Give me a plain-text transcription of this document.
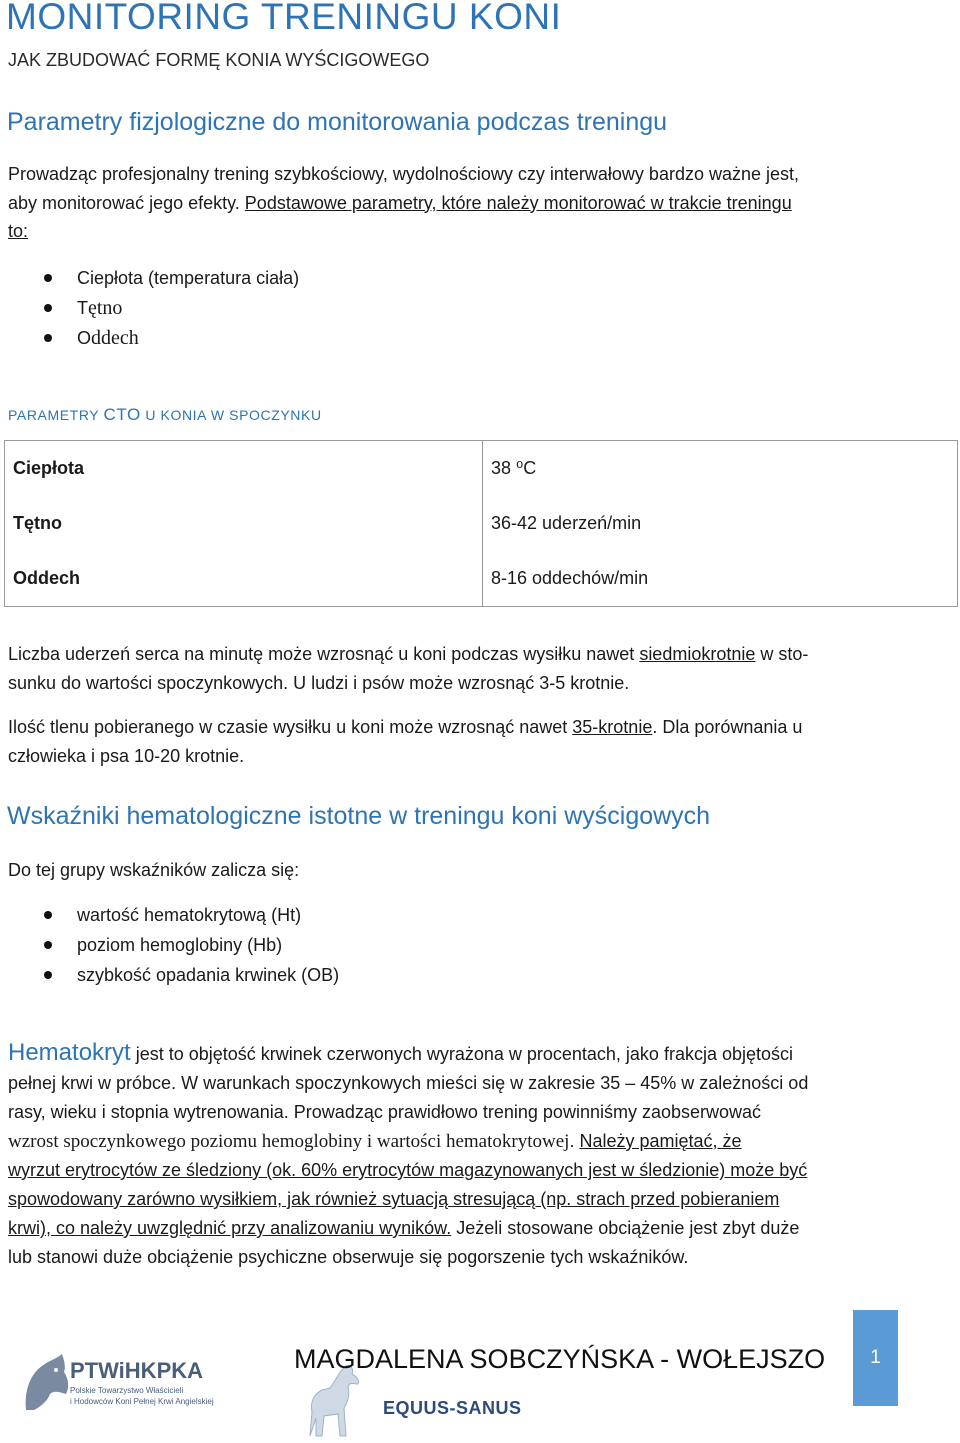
MONITORING TRENINGU KONI
JAK ZBUDOWAĆ FORMĘ KONIA WYŚCIGOWEGO
Parametry fizjologiczne do monitorowania podczas treningu
Prowadząc profesjonalny trening szybkościowy, wydolnościowy czy interwałowy bardzo ważne jest,
aby monitorować jego efekty. Podstawowe parametry, które należy monitorować w trakcie treningu
to:
Ciepłota (temperatura ciała)
Tętno
Oddech
PARAMETRY CTO U KONIA W SPOCZYNKU
Ciepłota	38 ⁰C
Tętno	36-42 uderzeń/min
Oddech	8-16 oddechów/min
Liczba uderzeń serca na minutę może wzrosnąć u koni podczas wysiłku nawet siedmiokrotnie w sto-
sunku do wartości spoczynkowych. U ludzi i psów może wzrosnąć 3-5 krotnie.
Ilość tlenu pobieranego w czasie wysiłku u koni może wzrosnąć nawet 35-krotnie. Dla porównania u
człowieka i psa 10-20 krotnie.
Wskaźniki hematologiczne istotne w treningu koni wyścigowych
Do tej grupy wskaźników zalicza się:
wartość hematokrytową (Ht)
poziom hemoglobiny (Hb)
szybkość opadania krwinek (OB)
Hematokryt jest to objętość krwinek czerwonych wyrażona w procentach, jako frakcja objętości
pełnej krwi w próbce. W warunkach spoczynkowych mieści się w zakresie 35 – 45% w zależności od
rasy, wieku i stopnia wytrenowania. Prowadząc prawidłowo trening powinniśmy zaobserwować
wzrost spoczynkowego poziomu hemoglobiny i wartości hematokrytowej. Należy pamiętać, że
wyrzut erytrocytów ze śledziony (ok. 60% erytrocytów magazynowanych jest w śledzionie) może być
spowodowany zarówno wysiłkiem, jak również sytuacją stresującą (np. strach przed pobieraniem
krwi), co należy uwzględnić przy analizowaniu wyników. Jeżeli stosowane obciążenie jest zbyt duże
lub stanowi duże obciążenie psychiczne obserwuje się pogorszenie tych wskaźników.
PTWiHKPKA
Polskie Towarzystwo Właścicieli
i Hodowców Koni Pełnej Krwi Angielskiej	EQUUS-SANUS
MAGDALENA SOBCZYŃSKA - WOŁEJSZO	1
